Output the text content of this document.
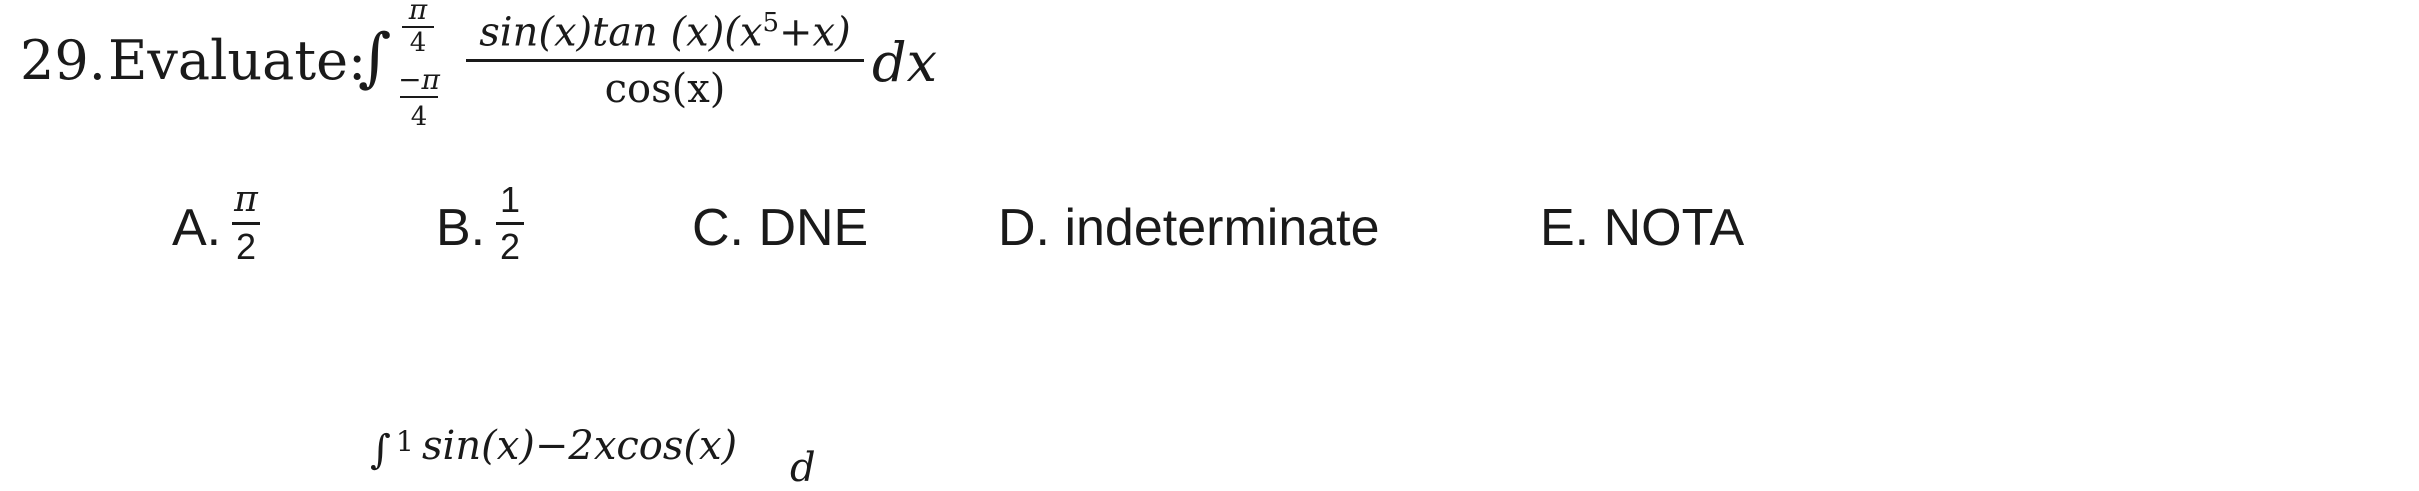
29. Evaluate:
∫
π
4
−π
4
sin(x)tan $(x)(x^5+x)$
cos(x)	dx
A. π
2	B. 1
2	C. DNE D. indeterminate	E. NOTA
∫ 1 sin(x)−2xcos(x) d
